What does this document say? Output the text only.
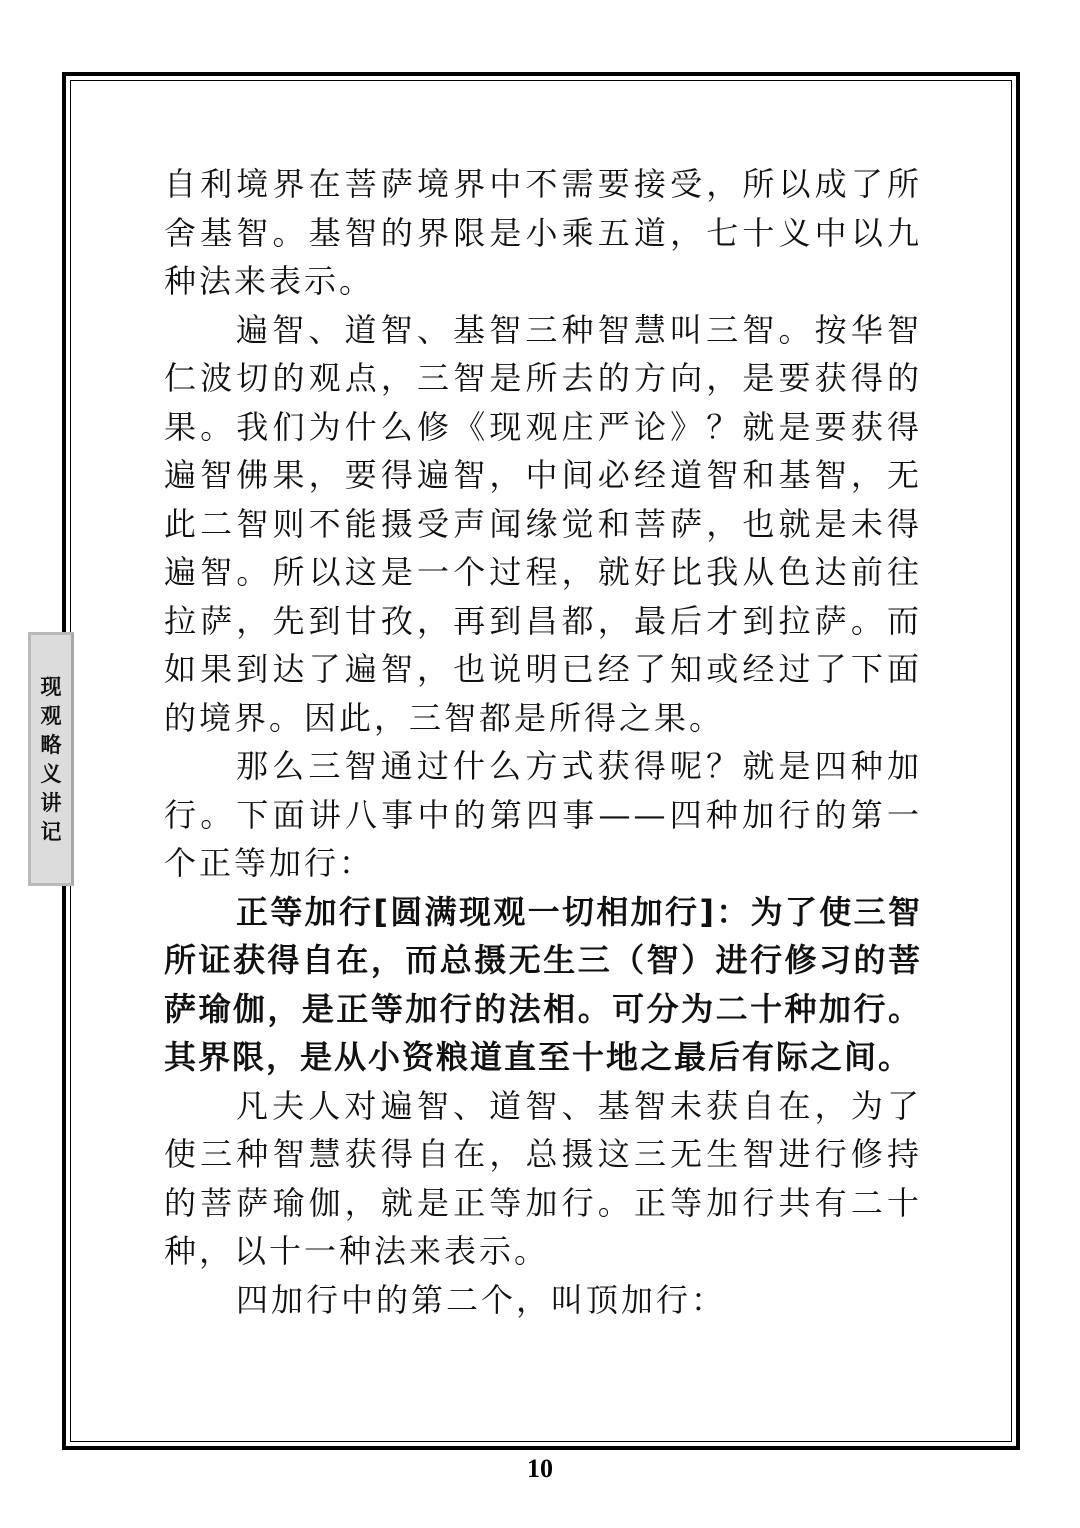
现
观
略
义
讲
记

自利境界在菩萨境界中不需要接受，所以成了所舍基智。基智的界限是小乘五道，七十义中以九种法来表示。

遍智、道智、基智三种智慧叫三智。按华智仁波切的观点，三智是所去的方向，是要获得的果。我们为什么修《现观庄严论》？就是要获得遍智佛果，要得遍智，中间必经道智和基智，无此二智则不能摄受声闻缘觉和菩萨，也就是未得遍智。所以这是一个过程，就好比我从色达前往拉萨，先到甘孜，再到昌都，最后才到拉萨。而如果到达了遍智，也说明已经了知或经过了下面的境界。因此，三智都是所得之果。

那么三智通过什么方式获得呢？就是四种加行。下面讲八事中的第四事——四种加行的第一个正等加行：

正等加行[圆满现观一切相加行]：为了使三智所证获得自在，而总摄无生三（智）进行修习的菩萨瑜伽，是正等加行的法相。可分为二十种加行。其界限，是从小资粮道直至十地之最后有际之间。

凡夫人对遍智、道智、基智未获自在，为了使三种智慧获得自在，总摄这三无生智进行修持的菩萨瑜伽，就是正等加行。正等加行共有二十种，以十一种法来表示。

四加行中的第二个，叫顶加行：

10
